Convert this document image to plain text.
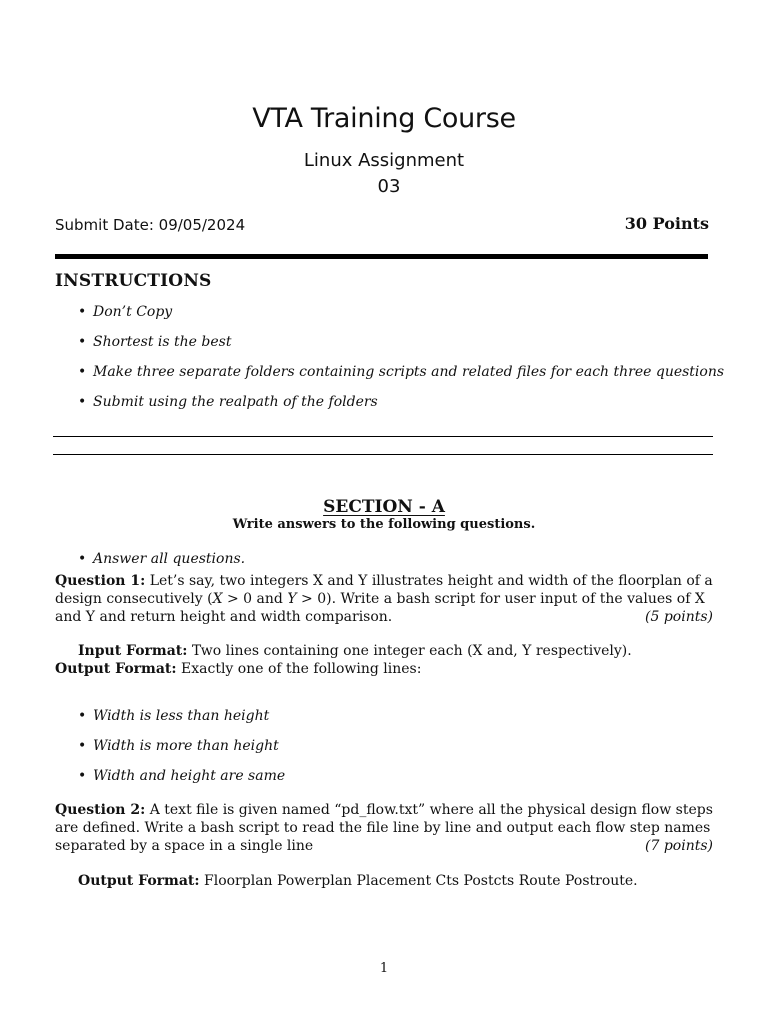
VTA Training Course
Linux Assignment
03
Submit Date: 09/05/2024	30 Points
INSTRUCTIONS
• Don’t Copy
• Shortest is the best
• Make three separate folders containing scripts and related files for each three questions
• Submit using the realpath of the folders
SECTION - A
Write answers to the following questions.
• Answer all questions.
Question 1: Let’s say, two integers X and Y illustrates height and width of the floorplan of a design consecutively (X > 0 and Y > 0). Write a bash script for user input of the values of X and Y and return height and width comparison.	(5 points)
Input Format: Two lines containing one integer each (X and, Y respectively).
Output Format: Exactly one of the following lines:
• Width is less than height
• Width is more than height
• Width and height are same
Question 2: A text file is given named “pd_flow.txt” where all the physical design flow steps are defined. Write a bash script to read the file line by line and output each flow step names separated by a space in a single line	(7 points)
Output Format: Floorplan Powerplan Placement Cts Postcts Route Postroute.
1
